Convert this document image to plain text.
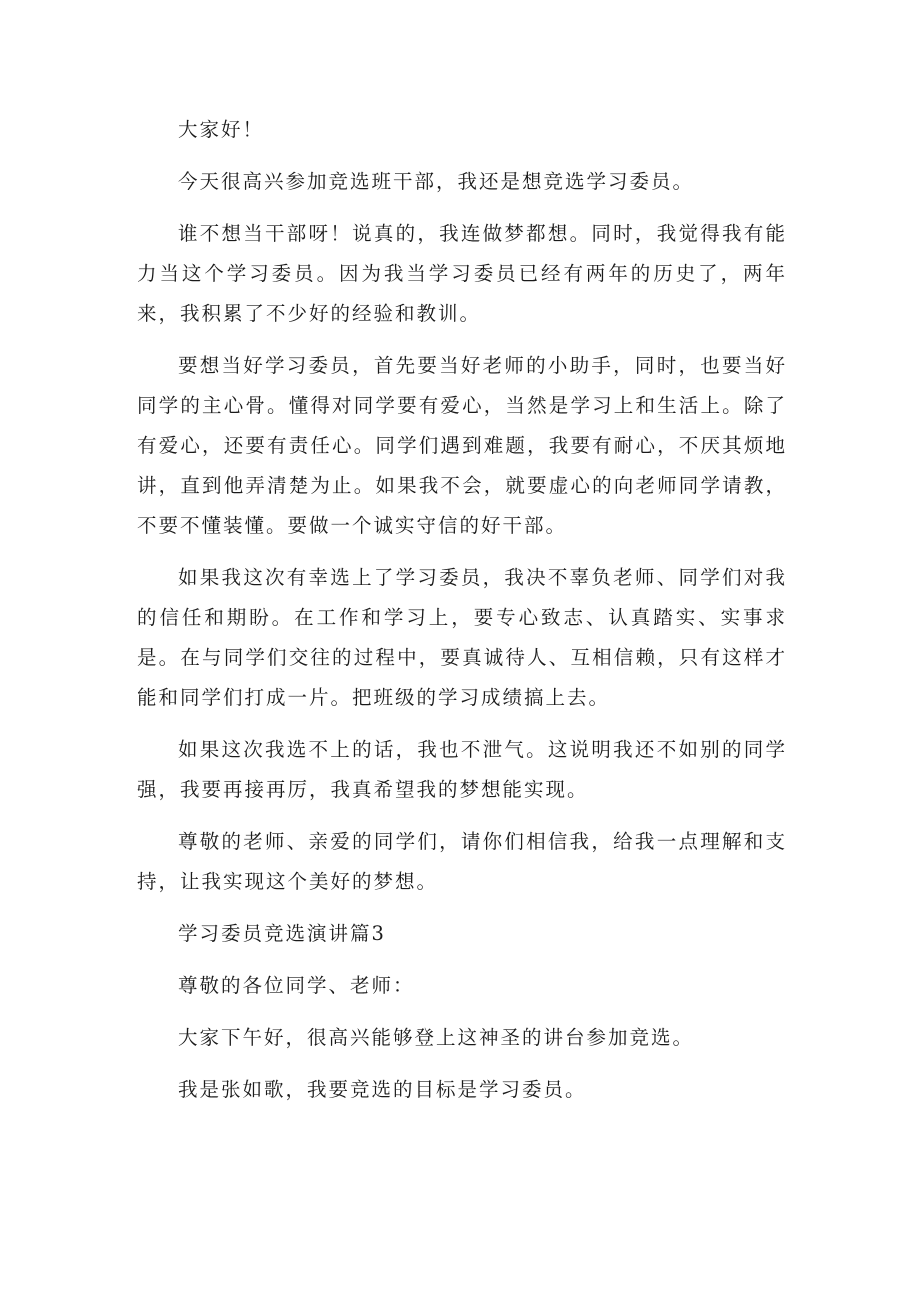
大家好！

今天很高兴参加竞选班干部，我还是想竞选学习委员。

谁不想当干部呀！说真的，我连做梦都想。同时，我觉得我有能力当这个学习委员。因为我当学习委员已经有两年的历史了，两年来，我积累了不少好的经验和教训。

要想当好学习委员，首先要当好老师的小助手，同时，也要当好同学的主心骨。懂得对同学要有爱心，当然是学习上和生活上。除了有爱心，还要有责任心。同学们遇到难题，我要有耐心，不厌其烦地讲，直到他弄清楚为止。如果我不会，就要虚心的向老师同学请教，不要不懂装懂。要做一个诚实守信的好干部。

如果我这次有幸选上了学习委员，我决不辜负老师、同学们对我的信任和期盼。在工作和学习上，要专心致志、认真踏实、实事求是。在与同学们交往的过程中，要真诚待人、互相信赖，只有这样才能和同学们打成一片。把班级的学习成绩搞上去。

如果这次我选不上的话，我也不泄气。这说明我还不如别的同学强，我要再接再厉，我真希望我的梦想能实现。

尊敬的老师、亲爱的同学们，请你们相信我，给我一点理解和支持，让我实现这个美好的梦想。

学习委员竞选演讲篇3

尊敬的各位同学、老师：

大家下午好，很高兴能够登上这神圣的讲台参加竞选。

我是张如歌，我要竞选的目标是学习委员。
